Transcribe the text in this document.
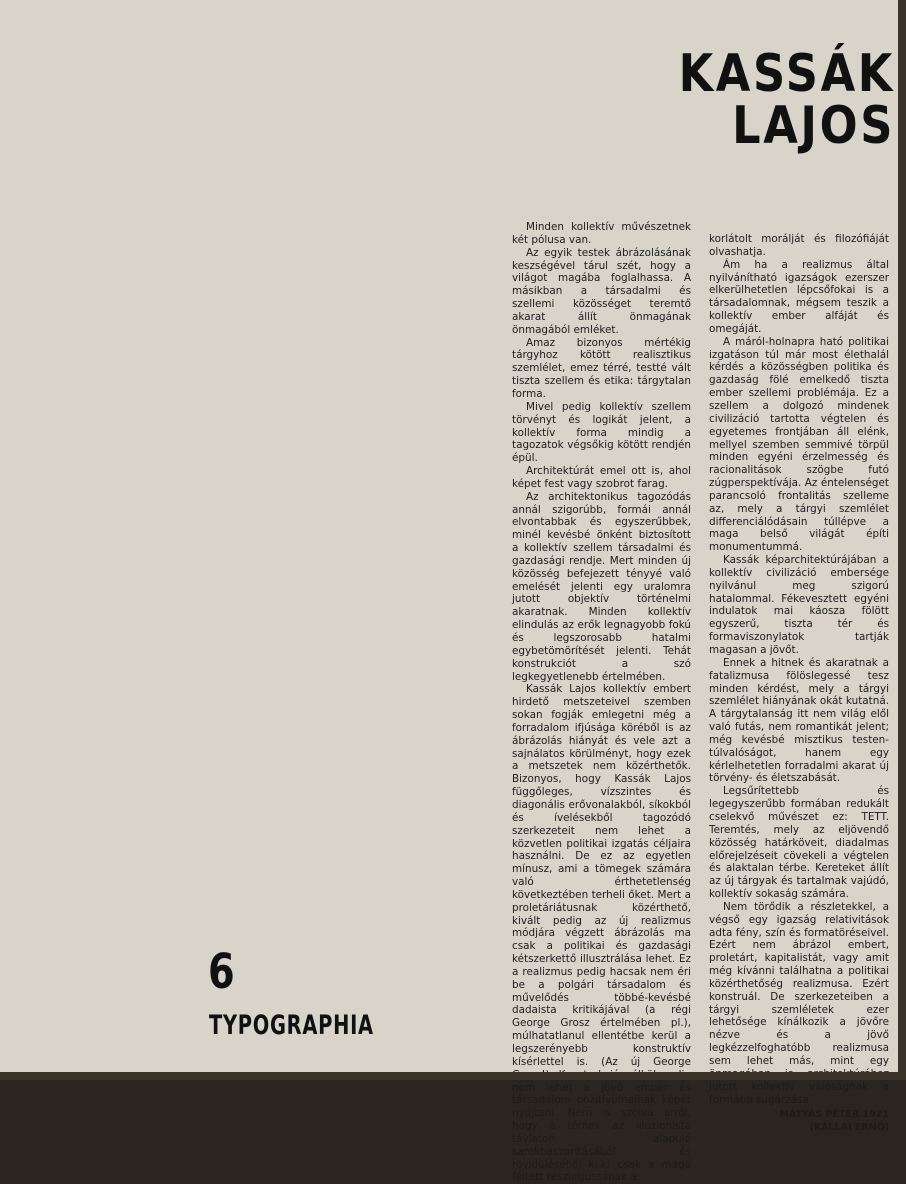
KASSÁK LAJOS

Minden kollektív művészetnek két pólusa van.

Az egyik testek ábrázolásának keszségével tárul szét, hogy a világot magába foglalhassa. A másikban a társadalmi és szellemi közösséget teremtő akarat állít önmagának önmagából emléket.

Amaz bizonyos mértékig tárgyhoz kötött realisztikus szemlélet, emez térré, testté vált tiszta szellem és etika: tárgytalan forma.

Mivel pedig kollektív szellem törvényt és logikát jelent, a kollektív forma mindig a tagozatok végsőkig kötött rendjén épül.

Architektúrát emel ott is, ahol képet fest vagy szobrot farag.

Az architektonikus tagozódás annál szigorúbb, formái annál elvontabbak és egyszerűbbek, minél kevésbé önként biztosított a kollektív szellem társadalmi és gazdasági rendje. Mert minden új közösség befejezett tényyé való emelését jelenti egy uralomra jutott objektív történelmi akaratnak. Minden kollektív elindulás az erők legnagyobb fokú és legszorosabb hatalmi egybetömörítését jelenti. Tehát konstrukciót a szó legkegyetlenebb értelmében.

Kassák Lajos kollektív embert hirdető metszeteivel szemben sokan fogják emlegetni még a forradalom ifjúsága köréből is az ábrázolás hiányát és vele azt a sajnálatos körülményt, hogy ezek a metszetek nem közérthetők. Bizonyos, hogy Kassák Lajos függőleges, vízszintes és diagonális erővonalakból, síkokból és ívelésekből tagozódó szerkezeteit nem lehet a közvetlen politikai izgatás céljaira használni. De ez az egyetlen mínusz, ami a tömegek számára való érthetetlenség következtében terheli őket. Mert a proletáriátusnak közérthető, kivált pedig az új realizmus módjára végzett ábrázolás ma csak a politikai és gazdasági kétszerkettő illusztrálása lehet. Ez a realizmus pedig hacsak nem éri be a polgári társadalom és művelődés többé-kevésbé dadaista kritikájával (a régi George Grosz értelmében pl.), múlhatatlanul ellentétbe kerül a legszerényebb konstruktív kísérlettel is. (Az új George Grosz!). Konstrukció nélkül pedig nem lehet a jövő ember és társadalom pozitívumainak képét nyújtani. Nem is szólva arról, hogy a térnek az illúzionista távlaton alapuló sarokbaszorításából és rövidüléséből ki-ki csak a maga

korlátolt morálját és filozófiáját olvashatja.

Ám ha a realizmus által nyilvánítható igazságok ezerszer elkerülhetetlen lépcsőfokai is a társadalomnak, mégsem teszik a kollektív ember alfáját és omegáját.

A máról-holnapra ható politikai izgatáson túl már most élethalál kérdés a közösségben politika és gazdaság fölé emelkedő tiszta ember szellemi problémája. Ez a szellem a dolgozó mindenek civilizáció tartotta végtelen és egyetemes frontjában áll elénk, mellyel szemben semmivé törpül minden egyéni érzelmesség és racionalitások szögbe futó zúgperspektívája. Az éntelenséget parancsoló frontalitás szelleme az, mely a tárgyi szemlélet differenciálódásain túllépve a maga belső világát építi monumentummá.

Kassák képarchitektúrájában a kollektív civilizáció embersége nyilvánul meg szigorú hatalommal. Fékevesztett egyéni indulatok mai káosza fölött egyszerű, tiszta tér és formaviszonylatok tartják magasan a jövőt.

Ennek a hitnek és akaratnak a fatalizmusa fölöslegessé tesz minden kérdést, mely a tárgyi szemlélet hiányának okát kutatná. A tárgytalanság itt nem világ elől való futás, nem romantikát jelent; még kevésbé misztikus testen-túlvalóságot, hanem egy kérlelhetetlen forradalmi akarat új törvény- és életszabását.

Legsűrítettebb és legegyszerűbb formában redukált cselekvő művészet ez: TETT. Teremtés, mely az eljövendő közösség határköveit, diadalmas előrejelzéseit cövekeli a végtelen és alaktalan térbe. Kereteket állít az új tárgyak és tartalmak vajúdó, kollektív sokaság számára.

Nem törődik a részletekkel, a végső egy igazság relativitások adta fény, szín és formatöréseivel. Ezért nem ábrázol embert, proletárt, kapitalistát, vagy amit még kívánni találhatna a politikai közérthetőség realizmusa. Ezért konstruál. De szerkezeteiben a tárgyi szemléletek ezer lehetősége kínálkozik a jövőre nézve és a jövő legkézzelfoghatóbb realizmusa sem lehet más, mint egy önmagában is architektúrához jutott kollektív valóságnak a formába sugárzása.

MÁTYÁS PÉTER 1921
(KÁLLAI ERNŐ)
6
TYPOGRAPHIA
